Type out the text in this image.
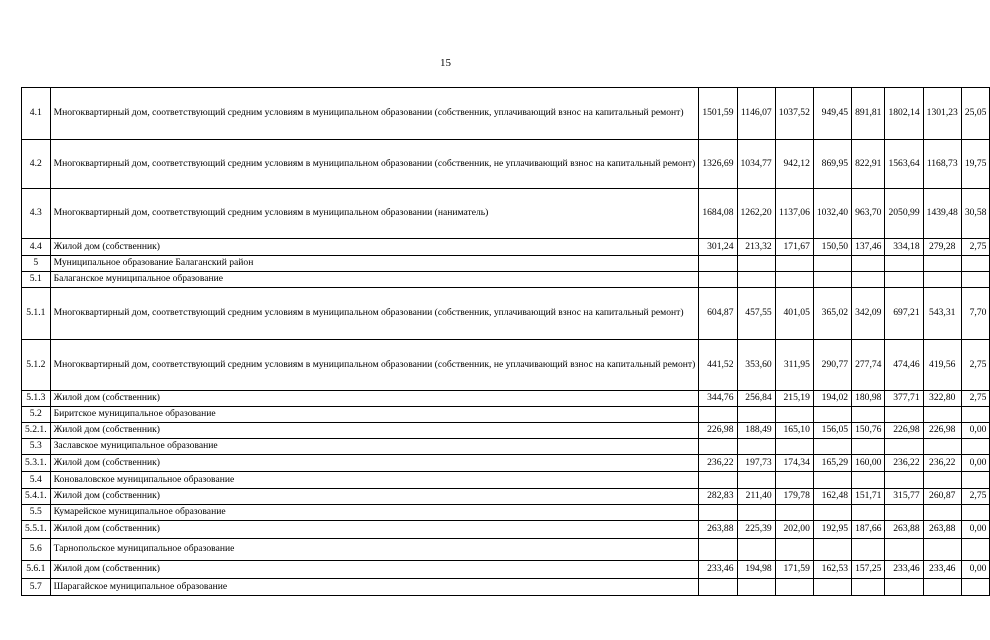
15
4.1	Многоквартирный дом, соответствующий средним условиям в муниципальном образовании (собственник, уплачивающий взнос на капитальный ремонт)	1501,59	1146,07	1037,52	949,45	891,81	1802,14	1301,23	25,05
4.2	Многоквартирный дом, соответствующий средним условиям в муниципальном образовании (собственник, не уплачивающий взнос на капитальный ремонт)	1326,69	1034,77	942,12	869,95	822,91	1563,64	1168,73	19,75
4.3	Многоквартирный дом, соответствующий средним условиям в муниципальном образовании (наниматель)	1684,08	1262,20	1137,06	1032,40	963,70	2050,99	1439,48	30,58
4.4	Жилой дом (собственник)	301,24	213,32	171,67	150,50	137,46	334,18	279,28	2,75
5	Муниципальное образование Балаганский район								
5.1	Балаганское муниципальное образование								
5.1.1	Многоквартирный дом, соответствующий средним условиям в муниципальном образовании (собственник, уплачивающий взнос на капитальный ремонт)	604,87	457,55	401,05	365,02	342,09	697,21	543,31	7,70
5.1.2	Многоквартирный дом, соответствующий средним условиям в муниципальном образовании (собственник, не уплачивающий взнос на капитальный ремонт)	441,52	353,60	311,95	290,77	277,74	474,46	419,56	2,75
5.1.3	Жилой дом (собственник)	344,76	256,84	215,19	194,02	180,98	377,71	322,80	2,75
5.2	Биритское муниципальное образование								
5.2.1.	Жилой дом (собственник)	226,98	188,49	165,10	156,05	150,76	226,98	226,98	0,00
5.3	Заславское муниципальное образование								
5.3.1.	Жилой дом (собственник)	236,22	197,73	174,34	165,29	160,00	236,22	236,22	0,00
5.4	Коноваловское муниципальное образование								
5.4.1.	Жилой дом (собственник)	282,83	211,40	179,78	162,48	151,71	315,77	260,87	2,75
5.5	Кумарейское муниципальное образование								
5.5.1.	Жилой дом (собственник)	263,88	225,39	202,00	192,95	187,66	263,88	263,88	0,00
5.6	Тарнопольское муниципальное образование								
5.6.1	Жилой дом (собственник)	233,46	194,98	171,59	162,53	157,25	233,46	233,46	0,00
5.7	Шарагайское муниципальное образование								
